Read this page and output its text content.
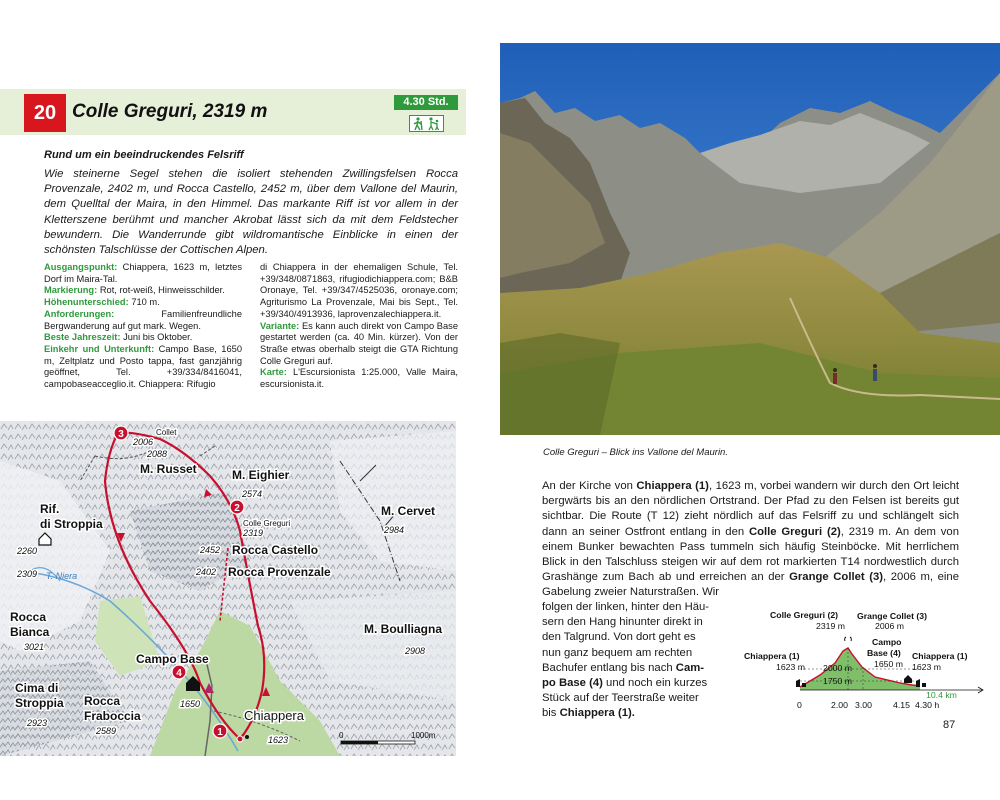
20 Colle Greguri, 2319 m	4.30 Std.
Rund um ein beeindruckendes Felsriff
Wie steinerne Segel stehen die isoliert stehenden Zwillingsfelsen Rocca Provenzale, 2402 m, und Rocca Castello, 2452 m, über dem Vallone del Maurin, dem Quelltal der Maira, in den Himmel. Das markante Riff ist vor allem in der Kletterszene berühmt und mancher Akrobat lässt sich da mit dem Feldstecher bewundern. Die Wanderrunde gibt wildromantische Einblicke in einen der schönsten Talschlüsse der Cottischen Alpen.
Ausgangspunkt: Chiappera, 1623 m, letztes Dorf im Maira-Tal.
Markierung: Rot, rot-weiß, Hinweisschilder.
Höhenunterschied: 710 m.
Anforderungen:	Familienfreundliche Bergwanderung auf gut mark. Wegen.
Beste Jahreszeit: Juni bis Oktober.
Einkehr und Unterkunft: Campo Base, 1650 m, Zeltplatz und Posto tappa, fast ganzjährig geöffnet, Tel. +39/334/8416041, campobaseacceglio.it. Chiappera: Rifugio
di Chiappera in der ehemaligen Schule, Tel. +39/348/0871863, rifugiodichiappera.com; B&B Oronaye, Tel. +39/347/4525036, oronaye.com; Agriturismo La Provenzale, Mai bis Sept., Tel. +39/340/4913936, laprovenzalechiappera.it.
Variante: Es kann auch direkt von Campo Base gestartet werden (ca. 40 Min. kürzer). Von der Straße etwas oberhalb steigt die GTA Richtung Colle Greguri auf.
Karte: L'Escursionista 1:25.000, Valle Maira, escursionista.it.
3
2
4
1
M. Russet	M. Eighier
M. Cervet
M. Boulliagna
Rocca Castello
Rocca Provenzale
Rocca Bianca
Rocca Fraboccia
Cima di Stroppia
Rif. di Stroppia
Campo Base
Chiappera
Colle Greguri
Collet
2088
2006
2574
2319
2452
2402
2260
2309
2984
2908
3021
2923
2589
1650
1623
T. Niera
0	1000m
Colle Greguri – Blick ins Vallone del Maurin.
An der Kirche von Chiappera (1), 1623 m, vorbei wandern wir durch den Ort leicht bergwärts bis an den nördlichen Ortstrand. Der Pfad zu den Felsen ist bereits gut sichtbar. Die Route (T 12) zieht nördlich auf das Felsriff zu und schlängelt sich dann an seiner Ostfront entlang in den Colle Greguri (2), 2319 m. An dem von einem Bunker bewachten Pass tummeln sich häufig Steinböcke. Mit herrlichem Blick in den Talschluss steigen wir auf dem rot markierten T14 nordwestlich durch Grashänge zum Bach ab und erreichen an der Grange Collet (3), 2006 m, eine Gabelung zweier Naturstraßen. Wir
folgen der linken, hinter den Häu-
sern den Hang hinunter direkt in
den Talgrund. Von dort geht es
nun ganz bequem am rechten
Bachufer entlang bis nach Cam-
po Base (4) und noch ein kurzes
Stück auf der Teerstraße weiter
bis Chiappera (1).
Colle Greguri (2)
2319 m
Grange Collet (3)
2006 m
Campo
Base (4)
1650 m
Chiappera (1)
1623 m
Chiappera (1)
1623 m
2000 m
1750 m
10.4 km
0	2.00 3.00 4.15 4.30 h
87
